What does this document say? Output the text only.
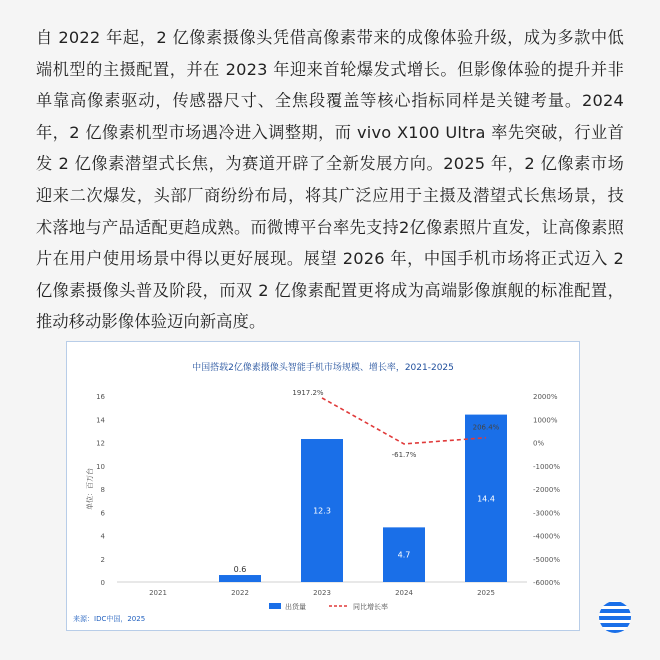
自 2022 年起，2 亿像素摄像头凭借高像素带来的成像体验升级，成为多款中低端机型的主摄配置，并在 2023 年迎来首轮爆发式增长。但影像体验的提升并非单靠高像素驱动，传感器尺寸、全焦段覆盖等核心指标同样是关键考量。2024 年，2 亿像素机型市场遇冷进入调整期，而 vivo X100 Ultra 率先突破，行业首发 2 亿像素潜望式长焦，为赛道开辟了全新发展方向。2025 年，2 亿像素市场迎来二次爆发，头部厂商纷纷布局，将其广泛应用于主摄及潜望式长焦场景，技术落地与产品适配更趋成熟。而微博平台率先支持2亿像素照片直发，让高像素照片在用户使用场景中得以更好展现。展望 2026 年，中国手机市场将正式迈入 2 亿像素摄像头普及阶段，而双 2 亿像素配置更将成为高端影像旗舰的标准配置，推动移动影像体验迈向新高度。
中国搭载2亿像素摄像头智能手机市场规模、增长率，2021-2025
0
2
4
6
8
10
12
14
16
-6000%
-5000%
-4000%
-3000%
-2000%
-1000%
0%
1000%
2000%
单位：百万台
2021	2022	2023	2024	2025
0.6
12.3
4.7
14.4
1917.2%
-61.7%
206.4%
出货量	同比增长率
来源：IDC中国，2025
